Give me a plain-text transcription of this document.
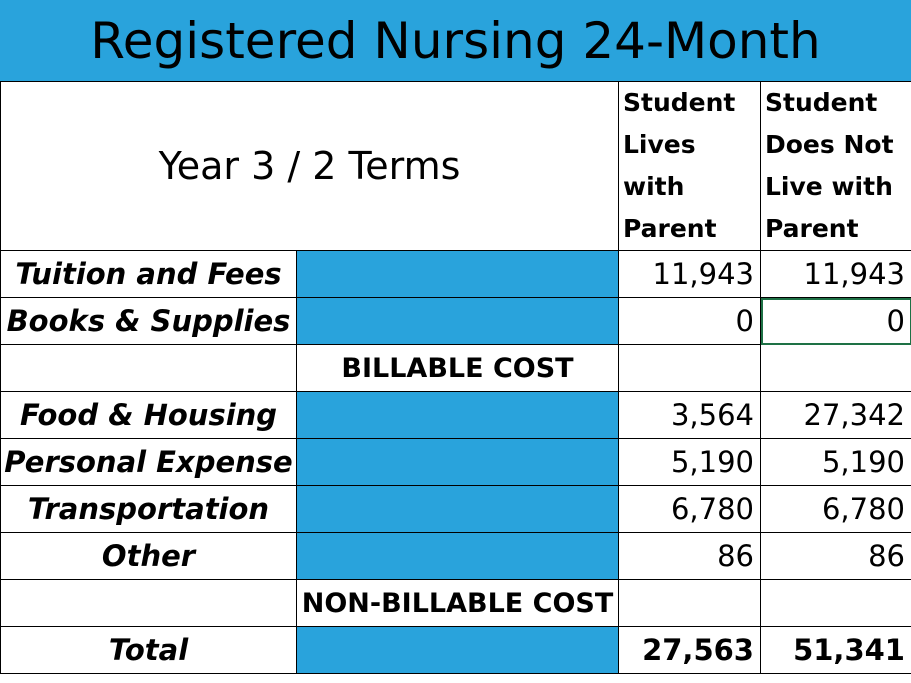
Registered Nursing 24-Month
Year 3 / 2 Terms		Student Lives with Parent	Student Does Not Live with Parent
Tuition and Fees		11,943	11,943
Books & Supplies		0	0
	BILLABLE COST		
Food & Housing		3,564	27,342
Personal Expense		5,190	5,190
Transportation		6,780	6,780
Other		86	86
	NON-BILLABLE COST		
Total		27,563	51,341
